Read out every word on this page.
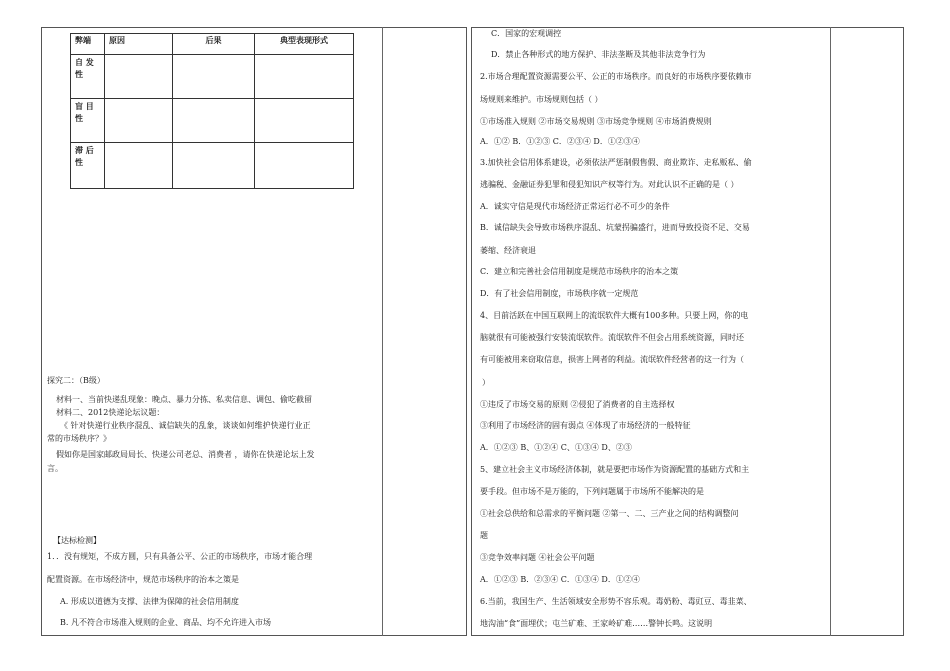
弊端	原因	后果	典型表现形式

自 发
性			

盲 目
性			

滞 后
性			

探究二：（B级）
材料一、当前快递乱现象：晚点、暴力分拣、私卖信息、调包、偷吃截留
材料二、2012快递论坛议题：
《 针对快递行业秩序混乱、诚信缺失的乱象，谈谈如何维护快递行业正
常的市场秩序？》
假如你是国家邮政局局长、快递公司老总、消费者 ，请你在快递论坛上发
言。
【达标检测】
1．．没有规矩，不成方圆，只有具备公平、公正的市场秩序，市场才能合理
配置资源。在市场经济中，规范市场秩序的治本之策是
A. 形成以道德为支撑、法律为保障的社会信用制度
B. 凡不符合市场准入规则的企业、商品、均不允许进入市场
C．国家的宏观调控
D．禁止各种形式的地方保护、非法垄断及其他非法竞争行为
2.市场合理配置资源需要公平、公正的市场秩序。而良好的市场秩序要依赖市
场规则来维护。市场规则包括（ ）
①市场准入规则 ②市场交易规则 ③市场竞争规则 ④市场消费规则
A．①② B．①②③ C．②③④ D．①②③④
3.加快社会信用体系建设，必须依法严惩制假售假、商业欺诈、走私贩私、偷
逃骗税、金融证券犯罪和侵犯知识产权等行为。对此认识不正确的是（ ）
A．诚实守信是现代市场经济正常运行必不可少的条件
B．诚信缺失会导致市场秩序混乱、坑蒙拐骗盛行，进而导致投资不足、交易
萎缩、经济衰退
C．建立和完善社会信用制度是规范市场秩序的治本之策
D．有了社会信用制度，市场秩序就一定规范
4、目前活跃在中国互联网上的流氓软件大概有100多种。只要上网，你的电
脑就很有可能被强行安装流氓软件。流氓软件不但会占用系统资源，同时还
有可能被用来窃取信息，损害上网者的利益。流氓软件经营者的这一行为（
）
①违反了市场交易的原则 ②侵犯了消费者的自主选择权
③利用了市场经济的固有弱点 ④体现了市场经济的一般特征
A．①②③ B、①②④ C、①③④ D、②③
5、建立社会主义市场经济体制，就是要把市场作为资源配置的基础方式和主
要手段。但市场不是万能的，下列问题属于市场所不能解决的是
①社会总供给和总需求的平衡问题 ②第一、二、三产业之间的结构调整问
题
③竞争效率问题 ④社会公平问题
A．①②③ B．②③④ C．①③④ D．①②④
6.当前，我国生产、生活领域安全形势不容乐观。毒奶粉、毒豇豆、毒韭菜、
地沟油“食”面埋伏；屯兰矿难、王家岭矿难……警钟长鸣。这说明
